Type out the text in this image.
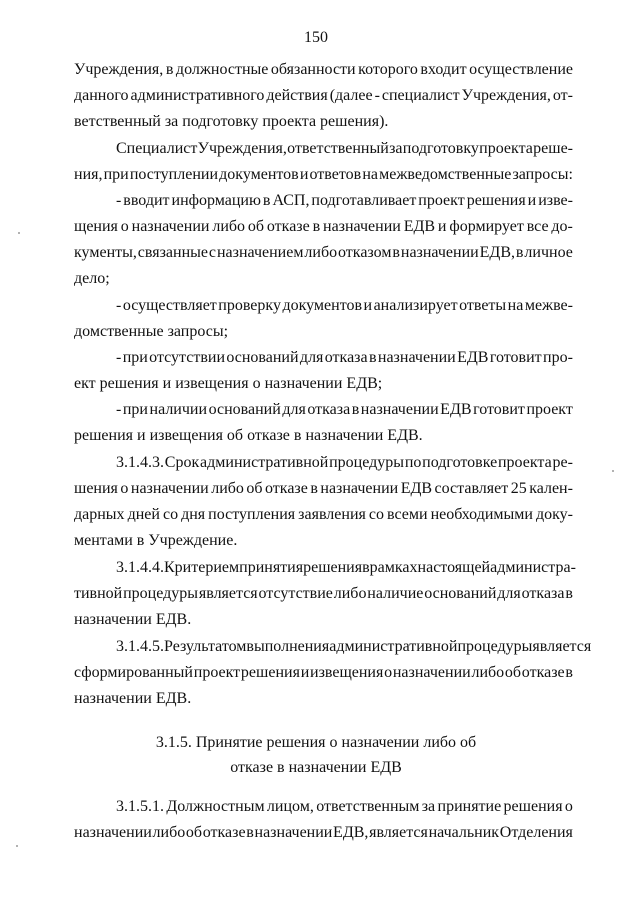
150
Учреждения, в должностные обязанности которого входит осуществление
данного административного действия (далее - специалист Учреждения, от-
ветственный за подготовку проекта решения).
Специалист Учреждения, ответственный за подготовку проекта реше-
ния, при поступлении документов и ответов на межведомственные запросы:
- вводит информацию в АСП, подготавливает проект решения и изве-
щения о назначении либо об отказе в назначении ЕДВ и формирует все до-
кументы, связанные с назначением либо отказом в назначении ЕДВ, в личное
дело;
- осуществляет проверку документов и анализирует ответы на межве-
домственные запросы;
- при отсутствии оснований для отказа в назначении ЕДВ готовит про-
ект решения и извещения о назначении ЕДВ;
- при наличии оснований для отказа в назначении ЕДВ готовит проект
решения и извещения об отказе в назначении ЕДВ.
3.1.4.3. Срок административной процедуры по подготовке проекта ре-
шения о назначении либо об отказе в назначении ЕДВ составляет 25 кален-
дарных дней со дня поступления заявления со всеми необходимыми доку-
ментами в Учреждение.
3.1.4.4. Критерием принятия решения в рамках настоящей администра-
тивной процедуры является отсутствие либо наличие оснований для отказа в
назначении ЕДВ.
3.1.4.5. Результатом выполнения административной процедуры является
сформированный проект решения и извещения о назначении либо об отказе в
назначении ЕДВ.
3.1.5.1. Должностным лицом, ответственным за принятие решения о
назначении либо об отказе в назначении ЕДВ, является начальник Отделения
3.1.5. Принятие решения о назначении либо об
отказе в назначении ЕДВ
